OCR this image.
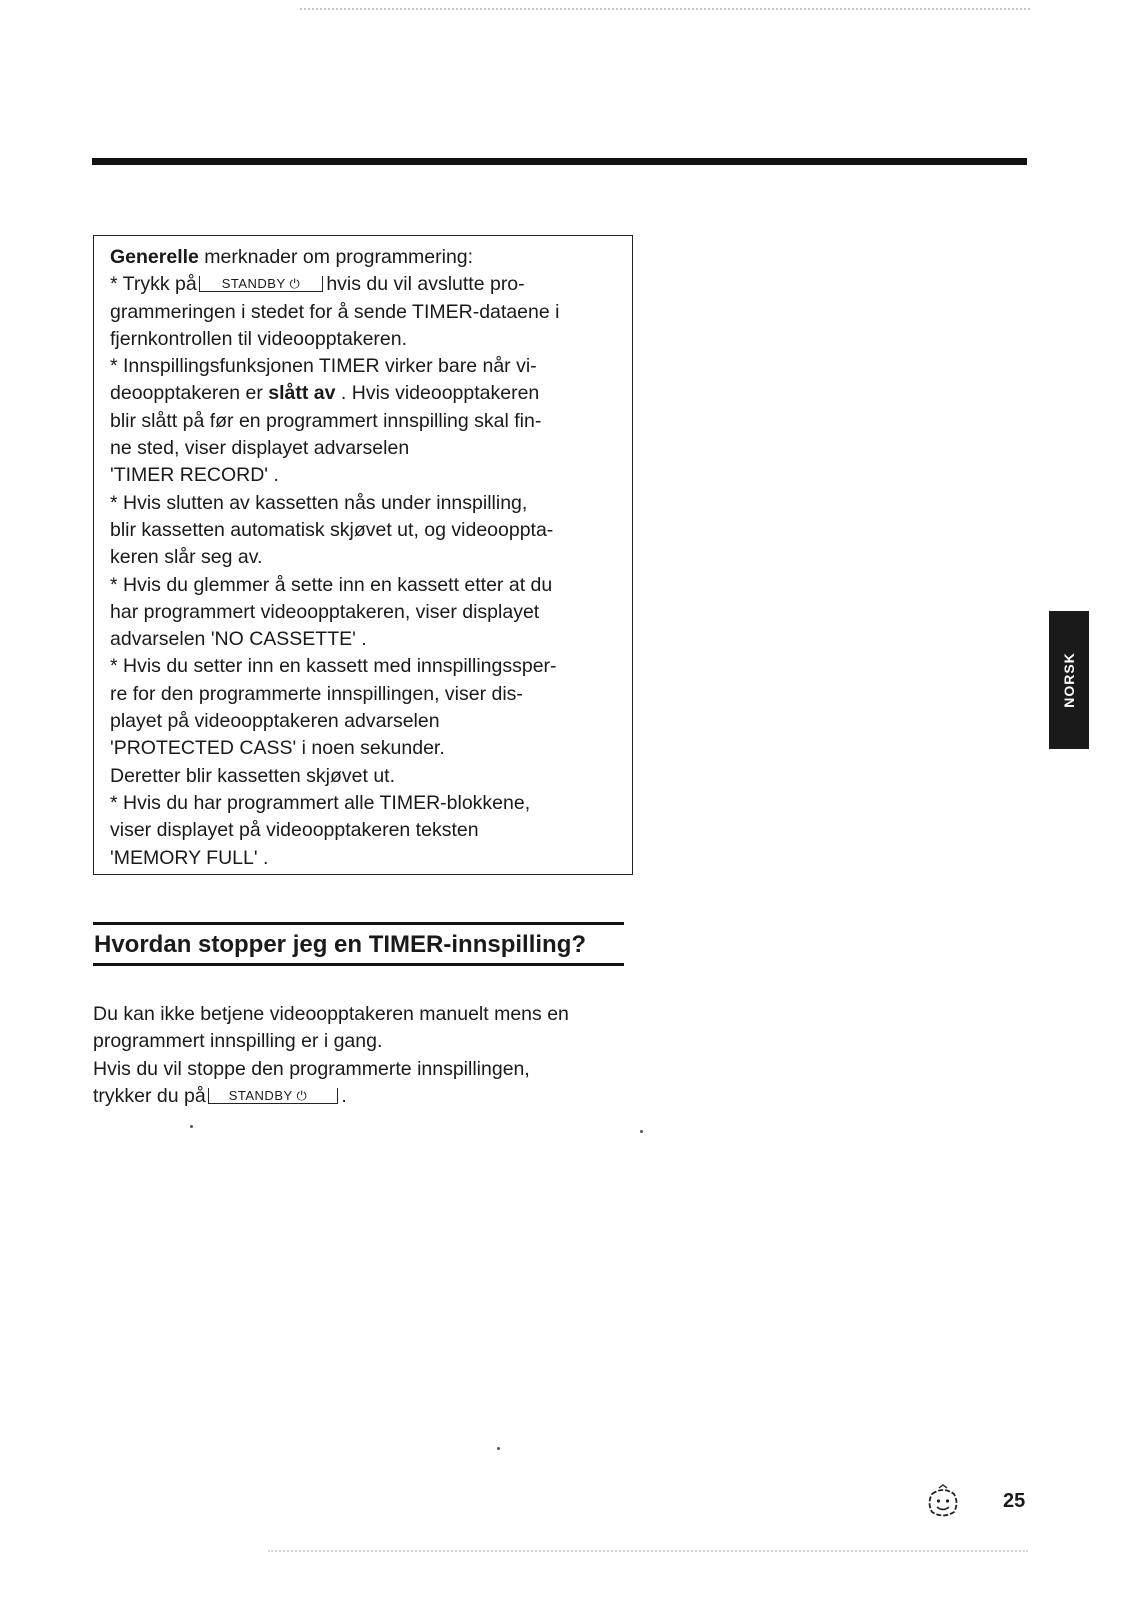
Generelle merknader om programmering:
* Trykk på STANDBY ⏻ hvis du vil avslutte pro-
grammeringen i stedet for å sende TIMER-dataene i
fjernkontrollen til videoopptakeren.
* Innspillingsfunksjonen TIMER virker bare når vi-
deoopptakeren er slått av . Hvis videoopptakeren
blir slått på før en programmert innspilling skal fin-
ne sted, viser displayet advarselen
'TIMER RECORD' .
* Hvis slutten av kassetten nås under innspilling,
blir kassetten automatisk skjøvet ut, og videooppta-
keren slår seg av.
* Hvis du glemmer å sette inn en kassett etter at du
har programmert videoopptakeren, viser displayet
advarselen 'NO CASSETTE' .
* Hvis du setter inn en kassett med innspillingssper-
re for den programmerte innspillingen, viser dis-
playet på videoopptakeren advarselen
'PROTECTED CASS' i noen sekunder.
Deretter blir kassetten skjøvet ut.
* Hvis du har programmert alle TIMER-blokkene,
viser displayet på videoopptakeren teksten
'MEMORY FULL' .
Hvordan stopper jeg en TIMER-innspilling?
Du kan ikke betjene videoopptakeren manuelt mens en
programmert innspilling er i gang.
Hvis du vil stoppe den programmerte innspillingen,
trykker du på STANDBY ⏻ .
NORSK
25
